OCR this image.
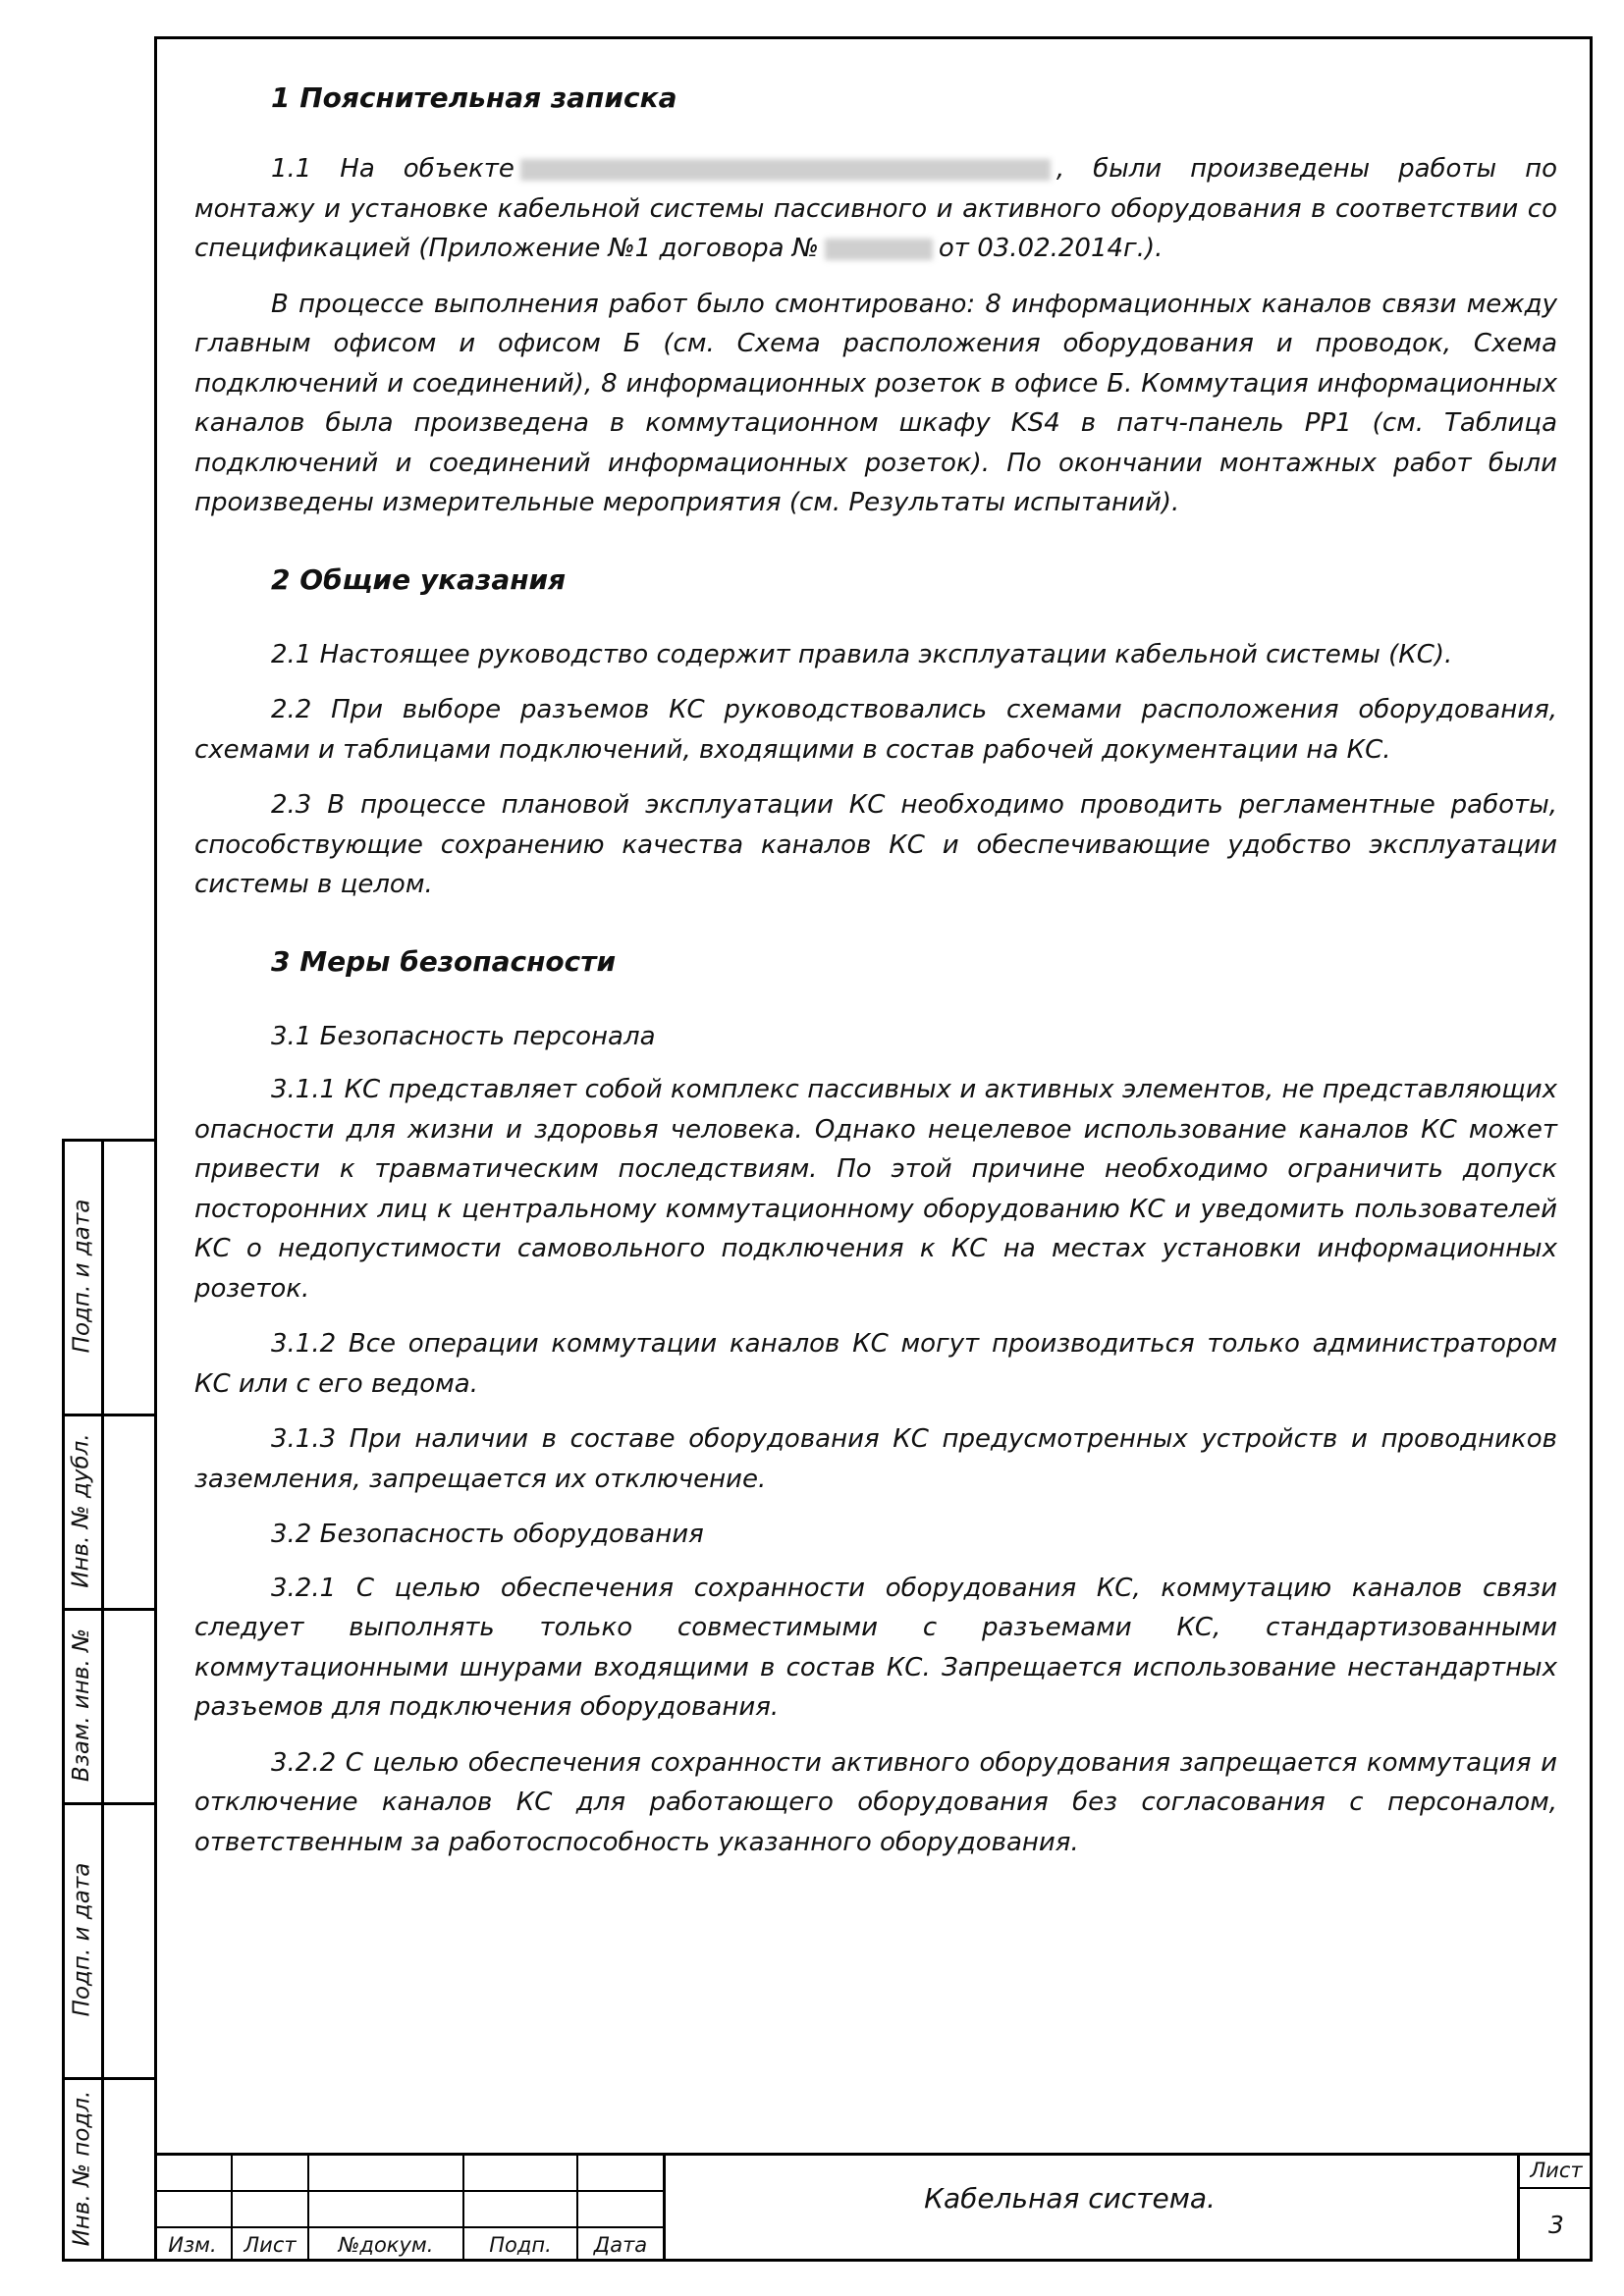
Подп. и дата
Инв. № дубл.
Взам. инв. №
Подп. и дата
Инв. № подл.

1 Пояснительная записка

1.1 На объекте	, были произведены работы по монтажу и установке кабельной системы пассивного и активного оборудования в соответствии со спецификацией (Приложение №1 договора №	от 03.02.2014г.).

В процессе выполнения работ было смонтировано: 8 информационных каналов связи между главным офисом и офисом Б (см. Схема расположения оборудования и проводок, Схема подключений и соединений), 8 информационных розеток в офисе Б. Коммутация информационных каналов была произведена в коммутационном шкафу KS4 в патч-панель PP1 (см. Таблица подключений и соединений информационных розеток). По окончании монтажных работ были произведены измерительные мероприятия (см. Результаты испытаний).

2 Общие указания

2.1 Настоящее руководство содержит правила эксплуатации кабельной системы (КС).

2.2 При выборе разъемов КС руководствовались схемами расположения оборудования, схемами и таблицами подключений, входящими в состав рабочей документации на КС.

2.3 В процессе плановой эксплуатации КС необходимо проводить регламентные работы, способствующие сохранению качества каналов КС и обеспечивающие удобство эксплуатации системы в целом.

3 Меры безопасности

3.1 Безопасность персонала

3.1.1 КС представляет собой комплекс пассивных и активных элементов, не представляющих опасности для жизни и здоровья человека. Однако нецелевое использование каналов КС может привести к травматическим последствиям. По этой причине необходимо ограничить допуск посторонних лиц к центральному коммутационному оборудованию КС и уведомить пользователей КС о недопустимости самовольного подключения к КС на местах установки информационных розеток.

3.1.2 Все операции коммутации каналов КС могут производиться только администратором КС или с его ведома.

3.1.3 При наличии в составе оборудования КС предусмотренных устройств и проводников заземления, запрещается их отключение.

3.2 Безопасность оборудования

3.2.1 С целью обеспечения сохранности оборудования КС, коммутацию каналов связи следует выполнять только совместимыми с разъемами КС, стандартизованными коммутационными шнурами входящими в состав КС. Запрещается использование нестандартных разъемов для подключения оборудования.

3.2.2 С целью обеспечения сохранности активного оборудования запрещается коммутация и отключение каналов КС для работающего оборудования без согласования с персоналом, ответственным за работоспособность указанного оборудования.

Изм.	Лист	№докум.	Подп.	Дата
Кабельная система.
Лист
3
